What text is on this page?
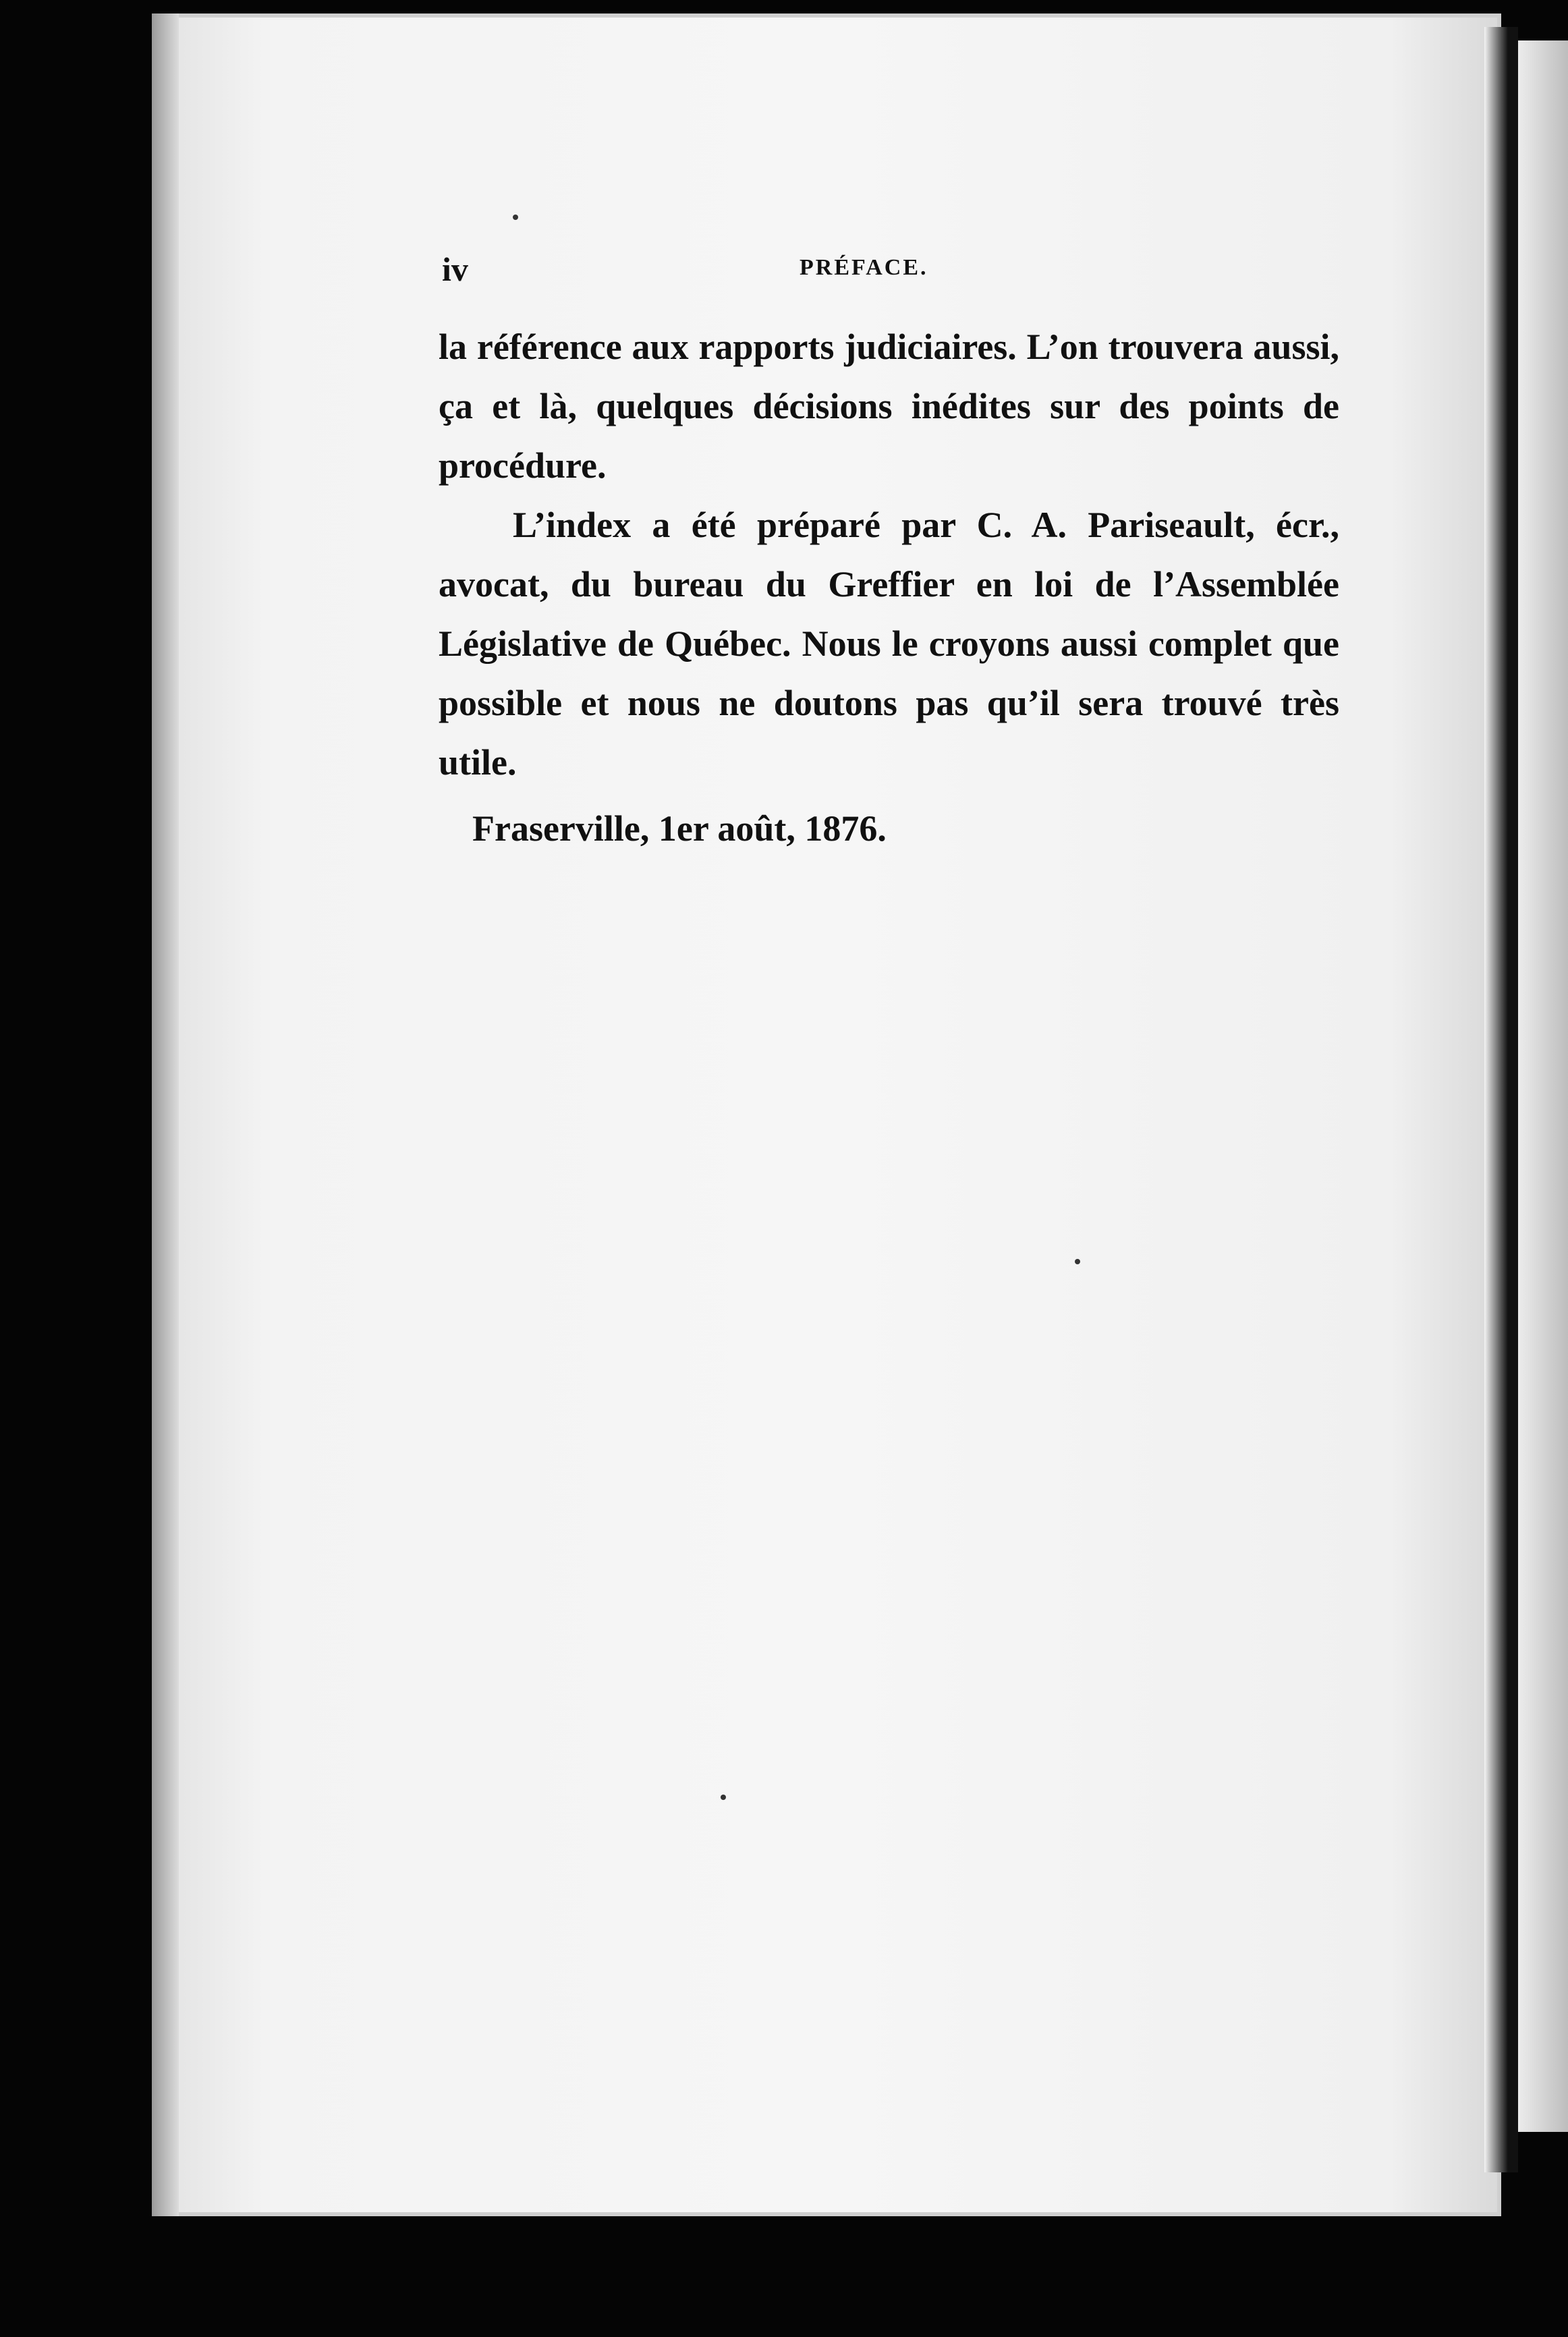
iv	PRÉFACE.

la référence aux rapports judiciaires. L’on trouvera aussi, ça et là, quelques décisions inédites sur des points de procédure.

L’index a été préparé par C. A. Pariseault, écr., avocat, du bureau du Greffier en loi de l’Assemblée Législative de Québec. Nous le croyons aussi complet que possible et nous ne doutons pas qu’il sera trouvé très utile.

Fraserville, 1er août, 1876.
